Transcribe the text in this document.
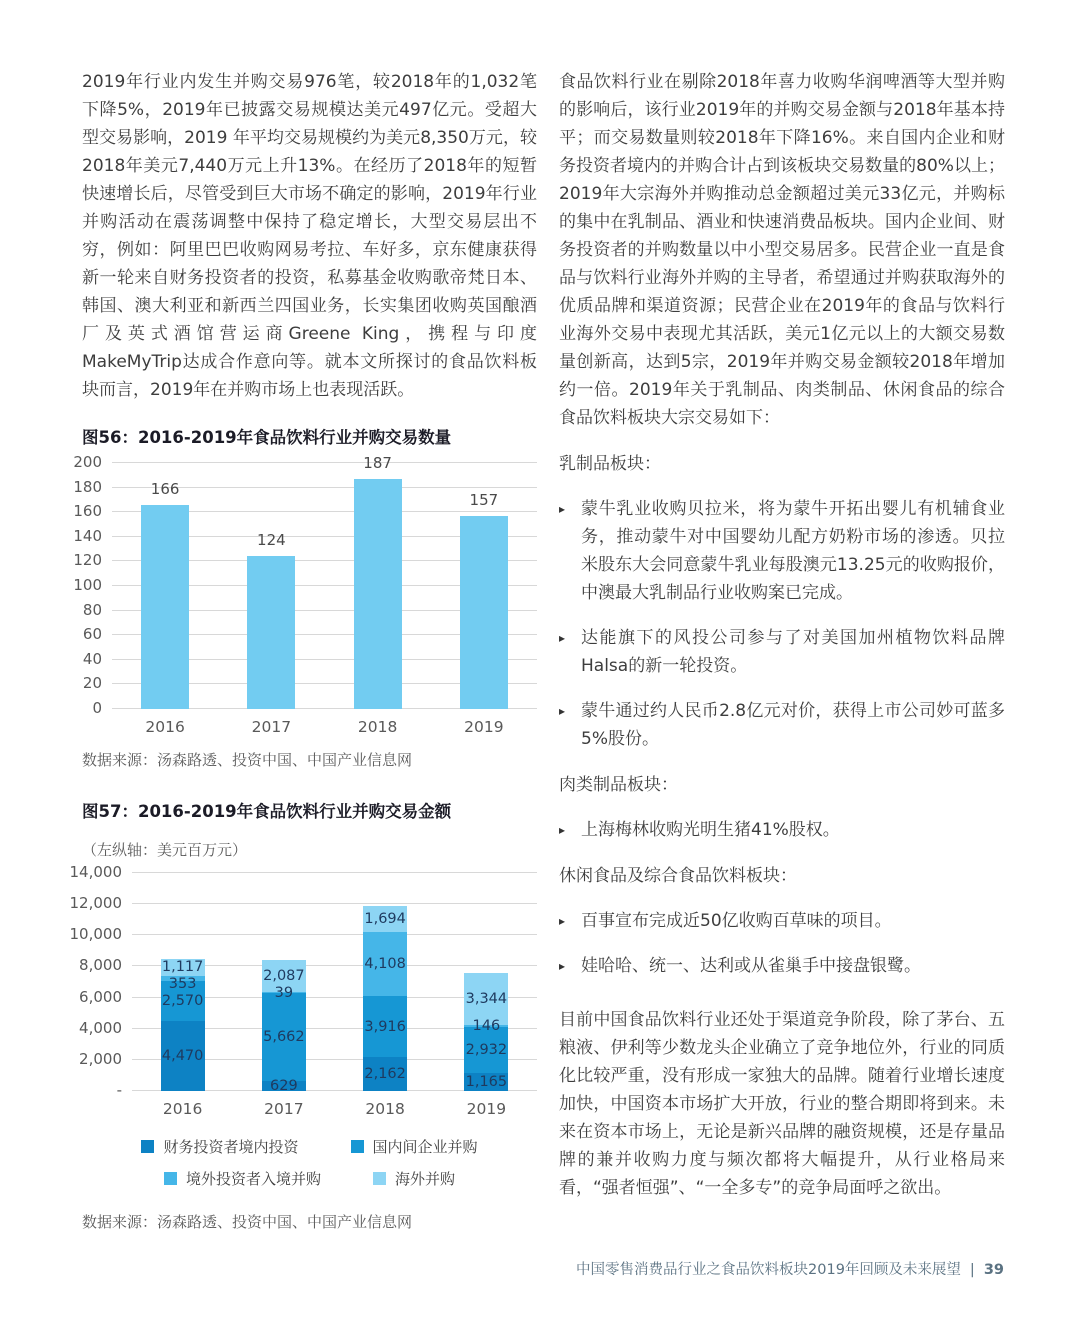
2019年行业内发生并购交易976笔，较2018年的1,032笔下降5%，2019年已披露交易规模达美元497亿元。受超大型交易影响，2019 年平均交易规模约为美元8,350万元，较2018年美元7,440万元上升13%。在经历了2018年的短暂快速增长后，尽管受到巨大市场不确定的影响，2019年行业并购活动在震荡调整中保持了稳定增长，大型交易层出不穷，例如：阿里巴巴收购网易考拉、车好多，京东健康获得新一轮来自财务投资者的投资，私募基金收购歌帝梵日本、韩国、澳大利亚和新西兰四国业务，长实集团收购英国酿酒厂及英式酒馆营运商Greene King，携程与印度MakeMyTrip达成合作意向等。就本文所探讨的食品饮料板块而言，2019年在并购市场上也表现活跃。

图56：2016-2019年食品饮料行业并购交易数量
0
20
40
60
80
100
120
140
160
180
200
166
124
187
157
2016	2017	2018	2019

数据来源：汤森路透、投资中国、中国产业信息网

图57：2016-2019年食品饮料行业并购交易金额

（左纵轴：美元百万元）

-
2,000
4,000
6,000
8,000
10,000
12,000
14,000
1,117
353
2,570
4,470
2,087
39
5,662
629
1,694
4,108
3,916
2,162
3,344
146
2,932
1,165
2016	2017	2018	2019
财务投资者境内投资	国内间企业并购
境外投资者入境并购	海外并购

数据来源：汤森路透、投资中国、中国产业信息网

食品饮料行业在剔除2018年喜力收购华润啤酒等大型并购的影响后，该行业2019年的并购交易金额与2018年基本持平；而交易数量则较2018年下降16%。来自国内企业和财务投资者境内的并购合计占到该板块交易数量的80%以上；2019年大宗海外并购推动总金额超过美元33亿元，并购标的集中在乳制品、酒业和快速消费品板块。国内企业间、财务投资者的并购数量以中小型交易居多。民营企业一直是食品与饮料行业海外并购的主导者，希望通过并购获取海外的优质品牌和渠道资源；民营企业在2019年的食品与饮料行业海外交易中表现尤其活跃，美元1亿元以上的大额交易数量创新高，达到5宗，2019年并购交易金额较2018年增加约一倍。2019年关于乳制品、肉类制品、休闲食品的综合食品饮料板块大宗交易如下：

乳制品板块：

▸ 蒙牛乳业收购贝拉米，将为蒙牛开拓出婴儿有机辅食业务，推动蒙牛对中国婴幼儿配方奶粉市场的渗透。贝拉米股东大会同意蒙牛乳业每股澳元13.25元的收购报价，中澳最大乳制品行业收购案已完成。
▸ 达能旗下的风投公司参与了对美国加州植物饮料品牌Halsa的新一轮投资。
▸ 蒙牛通过约人民币2.8亿元对价，获得上市公司妙可蓝多5%股份。

肉类制品板块：

▸ 上海梅林收购光明生猪41%股权。

休闲食品及综合食品饮料板块：

▸ 百事宣布完成近50亿收购百草味的项目。
▸ 娃哈哈、统一、达利或从雀巢手中接盘银鹭。

目前中国食品饮料行业还处于渠道竞争阶段，除了茅台、五粮液、伊利等少数龙头企业确立了竞争地位外，行业的同质化比较严重，没有形成一家独大的品牌。随着行业增长速度加快，中国资本市场扩大开放，行业的整合期即将到来。未来在资本市场上，无论是新兴品牌的融资规模，还是存量品牌的兼并收购力度与频次都将大幅提升，从行业格局来看，“强者恒强”、“一全多专”的竞争局面呼之欲出。

中国零售消费品行业之食品饮料板块2019年回顾及未来展望 | 39
